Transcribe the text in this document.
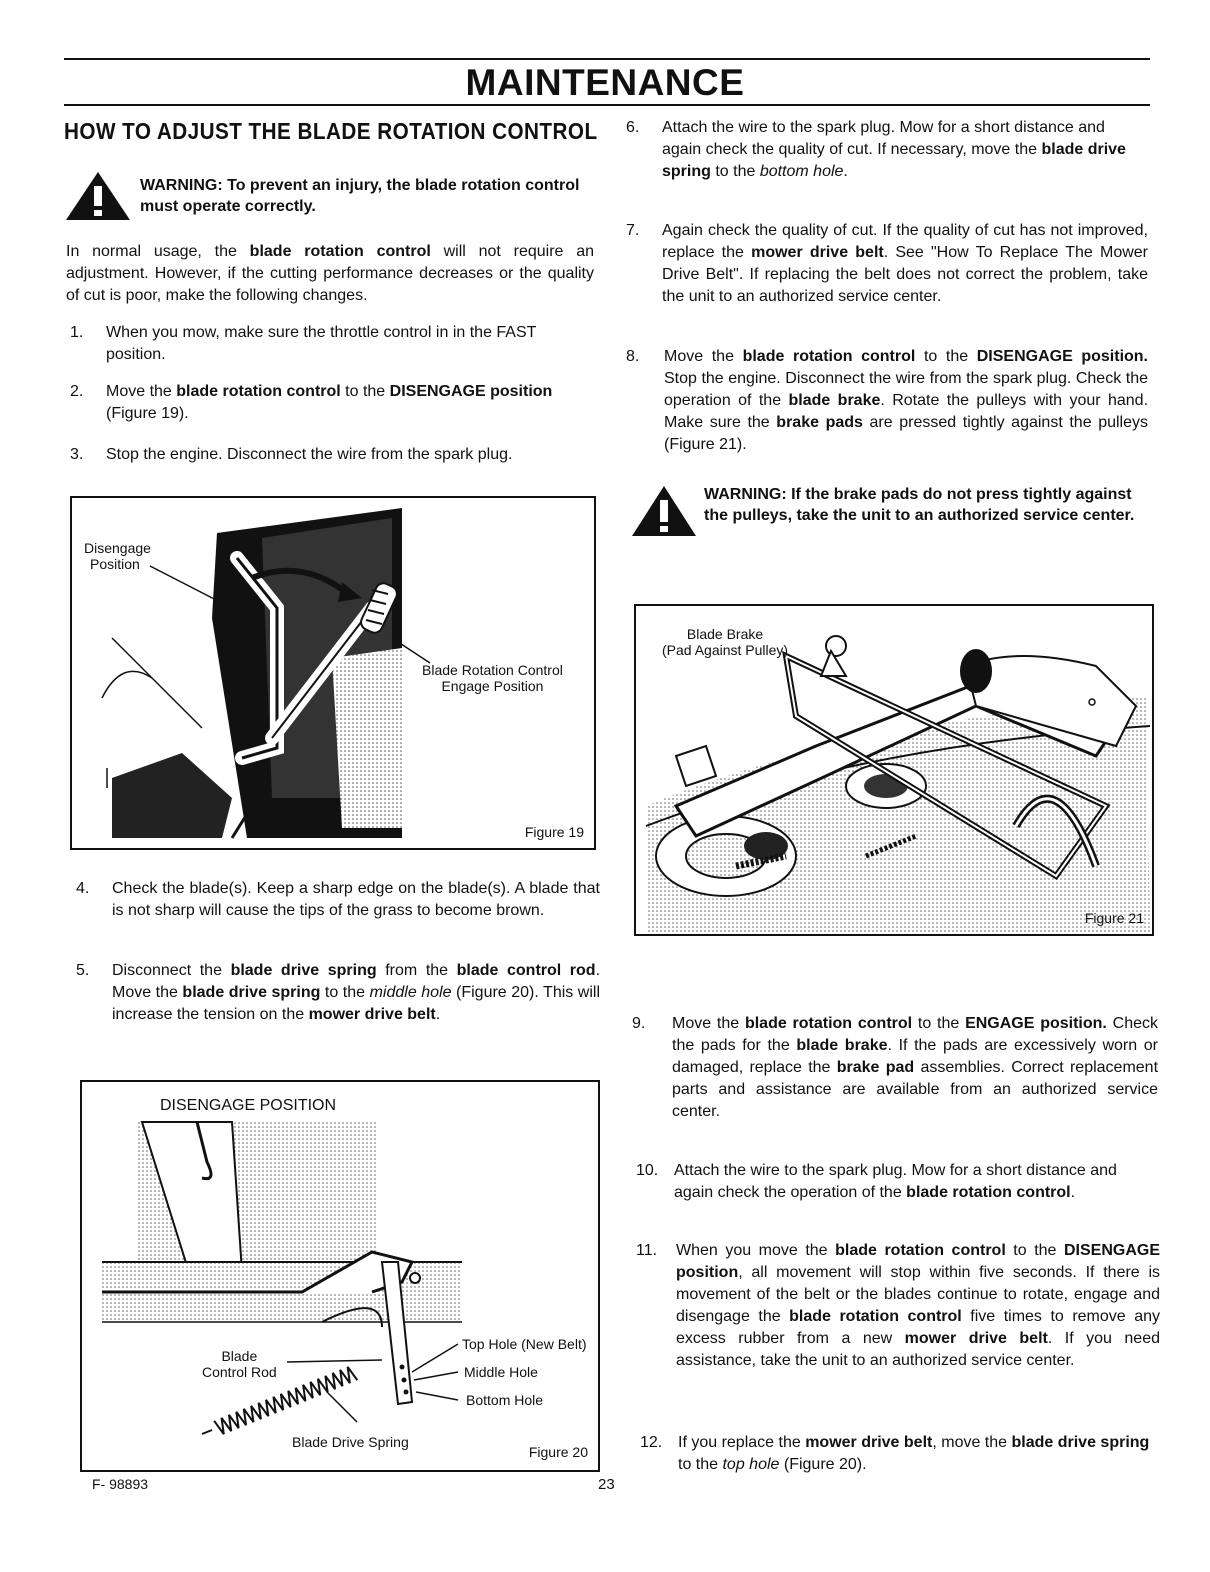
MAINTENANCE
HOW TO ADJUST THE BLADE ROTATION CONTROL
WARNING: To prevent an injury, the blade rotation control must operate correctly.
In normal usage, the blade rotation control will not require an adjustment. However, if the cutting performance decreases or the quality of cut is poor, make the following changes.
1. When you mow, make sure the throttle control in in the FAST position.
2. Move the blade rotation control to the DISENGAGE position (Figure 19).
3. Stop the engine. Disconnect the wire from the spark plug.
Disengage
Position
Blade Rotation Control
Engage Position
Figure 19
4. Check the blade(s). Keep a sharp edge on the blade(s). A blade that is not sharp will cause the tips of the grass to become brown.
5. Disconnect the blade drive spring from the blade control rod. Move the blade drive spring to the middle hole (Figure 20). This will increase the tension on the mower drive belt.
DISENGAGE POSITION
Blade
Control Rod
Top Hole (New Belt)
Middle Hole
Bottom Hole
Blade Drive Spring
Figure 20
6. Attach the wire to the spark plug. Mow for a short distance and again check the quality of cut. If necessary, move the blade drive spring to the bottom hole.
7. Again check the quality of cut. If the quality of cut has not improved, replace the mower drive belt. See "How To Replace The Mower Drive Belt". If replacing the belt does not correct the problem, take the unit to an authorized service center.
8. Move the blade rotation control to the DISENGAGE position. Stop the engine. Disconnect the wire from the spark plug. Check the operation of the blade brake. Rotate the pulleys with your hand. Make sure the brake pads are pressed tightly against the pulleys (Figure 21).
WARNING: If the brake pads do not press tightly against the pulleys, take the unit to an authorized service center.
Blade Brake
(Pad Against Pulley)
Figure 21
9. Move the blade rotation control to the ENGAGE position. Check the pads for the blade brake. If the pads are excessively worn or damaged, replace the brake pad assemblies. Correct replacement parts and assistance are available from an authorized service center.
10. Attach the wire to the spark plug. Mow for a short distance and again check the operation of the blade rotation control.
11. When you move the blade rotation control to the DISENGAGE position, all movement will stop within five seconds. If there is movement of the belt or the blades continue to rotate, engage and disengage the blade rotation control five times to remove any excess rubber from a new mower drive belt. If you need assistance, take the unit to an authorized service center.
12. If you replace the mower drive belt, move the blade drive spring to the top hole (Figure 20).
F- 98893	23
